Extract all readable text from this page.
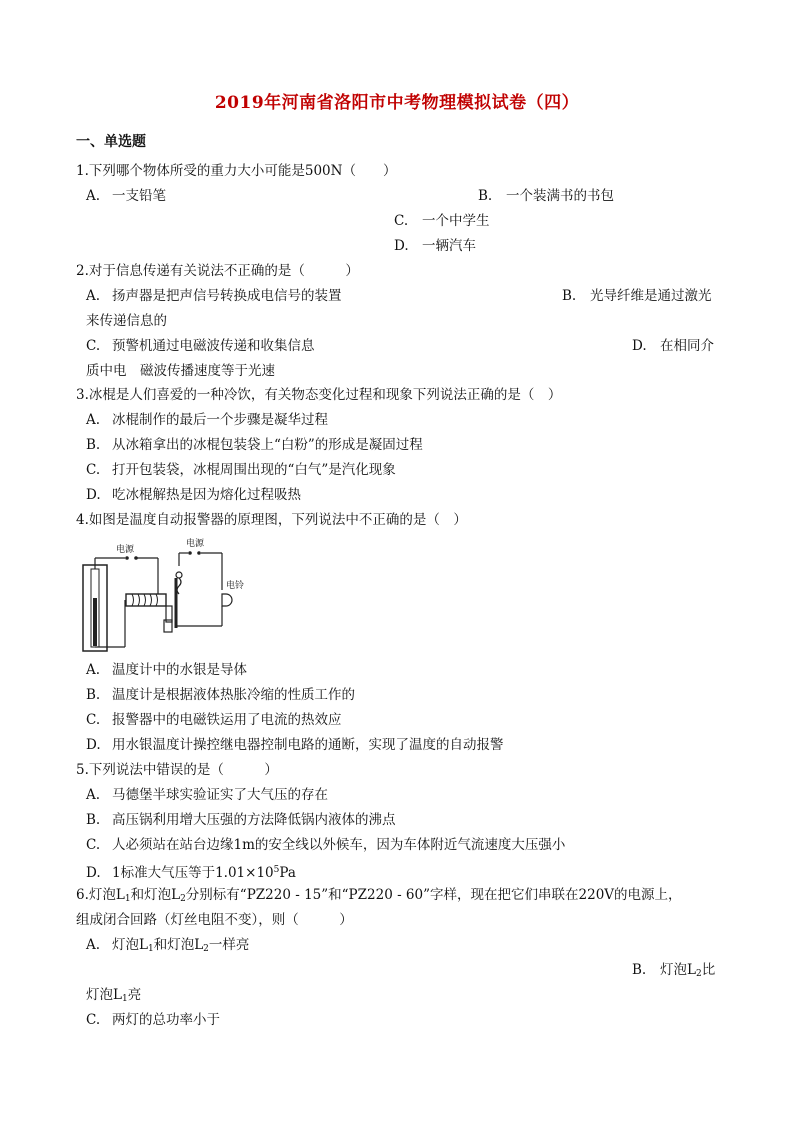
2019年河南省洛阳市中考物理模拟试卷（四）
一、单选题
1.下列哪个物体所受的重力大小可能是500N（　　）
A. 一支铅笔	B. 一个装满书的书包
C. 一个中学生
D. 一辆汽车
2.对于信息传递有关说法不正确的是（　　　）
A. 扬声器是把声信号转换成电信号的装置	B. 光导纤维是通过激光
来传递信息的
C. 预警机通过电磁波传递和收集信息	D. 在相同介
质中电　磁波传播速度等于光速
3.冰棍是人们喜爱的一种冷饮，有关物态变化过程和现象下列说法正确的是（　）
A. 冰棍制作的最后一个步骤是凝华过程
B. 从冰箱拿出的冰棍包装袋上“白粉”的形成是凝固过程
C. 打开包装袋，冰棍周围出现的“白气”是汽化现象
D. 吃冰棍解热是因为熔化过程吸热
4.如图是温度自动报警器的原理图，下列说法中不正确的是（　）
电源
电源
电铃
A. 温度计中的水银是导体
B. 温度计是根据液体热胀冷缩的性质工作的
C. 报警器中的电磁铁运用了电流的热效应
D. 用水银温度计操控继电器控制电路的通断，实现了温度的自动报警
5.下列说法中错误的是（　　　）
A. 马德堡半球实验证实了大气压的存在
B. 高压锅利用增大压强的方法降低锅内液体的沸点
C. 人必须站在站台边缘1m的安全线以外候车，因为车体附近气流速度大压强小
D. 1标准大气压等于$1.01\times 10^5Pa$
6.灯泡$L_1$和灯泡$L_2$分别标有“PZ220 - 15”和“PZ220 - 60”字样，现在把它们串联在220V的电源上，
组成闭合回路（灯丝电阻不变），则（　　　）
A. 灯泡$L_1$和灯泡$L_2$一样亮
B. 灯泡$L_2$比
灯泡$L_1$亮
C. 两灯的总功率小于
